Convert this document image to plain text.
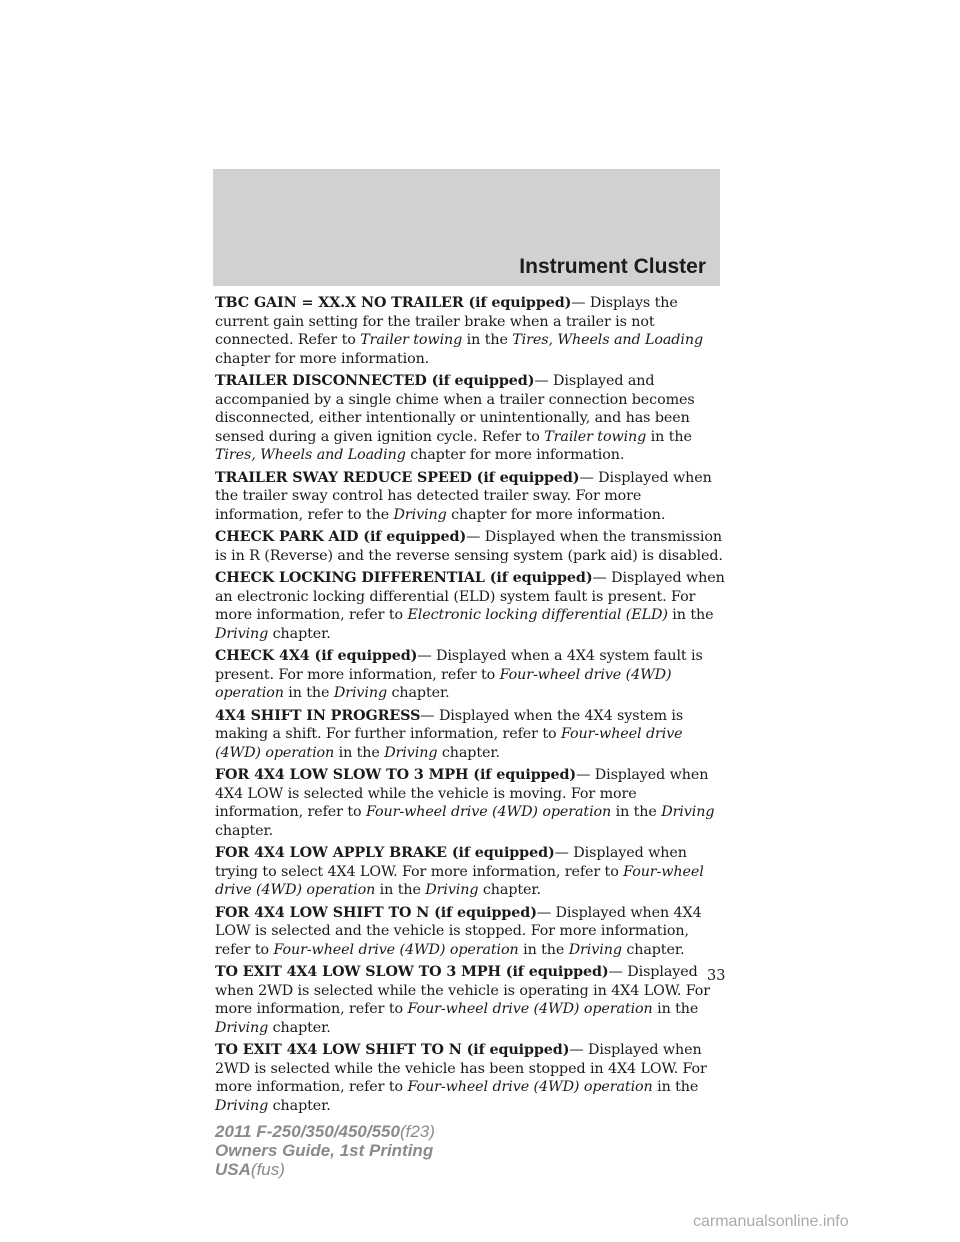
Instrument Cluster

TBC GAIN = XX.X NO TRAILER (if equipped)— Displays the current gain setting for the trailer brake when a trailer is not connected. Refer to Trailer towing in the Tires, Wheels and Loading chapter for more information.

TRAILER DISCONNECTED (if equipped)— Displayed and accompanied by a single chime when a trailer connection becomes disconnected, either intentionally or unintentionally, and has been sensed during a given ignition cycle. Refer to Trailer towing in the Tires, Wheels and Loading chapter for more information.

TRAILER SWAY REDUCE SPEED (if equipped)— Displayed when the trailer sway control has detected trailer sway. For more information, refer to the Driving chapter for more information.

CHECK PARK AID (if equipped)— Displayed when the transmission is in R (Reverse) and the reverse sensing system (park aid) is disabled.

CHECK LOCKING DIFFERENTIAL (if equipped)— Displayed when an electronic locking differential (ELD) system fault is present. For more information, refer to Electronic locking differential (ELD) in the Driving chapter.

CHECK 4X4 (if equipped)— Displayed when a 4X4 system fault is present. For more information, refer to Four-wheel drive (4WD) operation in the Driving chapter.

4X4 SHIFT IN PROGRESS— Displayed when the 4X4 system is making a shift. For further information, refer to Four-wheel drive (4WD) operation in the Driving chapter.

FOR 4X4 LOW SLOW TO 3 MPH (if equipped)— Displayed when 4X4 LOW is selected while the vehicle is moving. For more information, refer to Four-wheel drive (4WD) operation in the Driving chapter.

FOR 4X4 LOW APPLY BRAKE (if equipped)— Displayed when trying to select 4X4 LOW. For more information, refer to Four-wheel drive (4WD) operation in the Driving chapter.

FOR 4X4 LOW SHIFT TO N (if equipped)— Displayed when 4X4 LOW is selected and the vehicle is stopped. For more information, refer to Four-wheel drive (4WD) operation in the Driving chapter.

TO EXIT 4X4 LOW SLOW TO 3 MPH (if equipped)— Displayed when 2WD is selected while the vehicle is operating in 4X4 LOW. For more information, refer to Four-wheel drive (4WD) operation in the Driving chapter.

TO EXIT 4X4 LOW SHIFT TO N (if equipped)— Displayed when 2WD is selected while the vehicle has been stopped in 4X4 LOW. For more information, refer to Four-wheel drive (4WD) operation in the Driving chapter.

33
2011 F-250/350/450/550(f23)
Owners Guide, 1st Printing
USA(fus)
carmanualsonline.info
